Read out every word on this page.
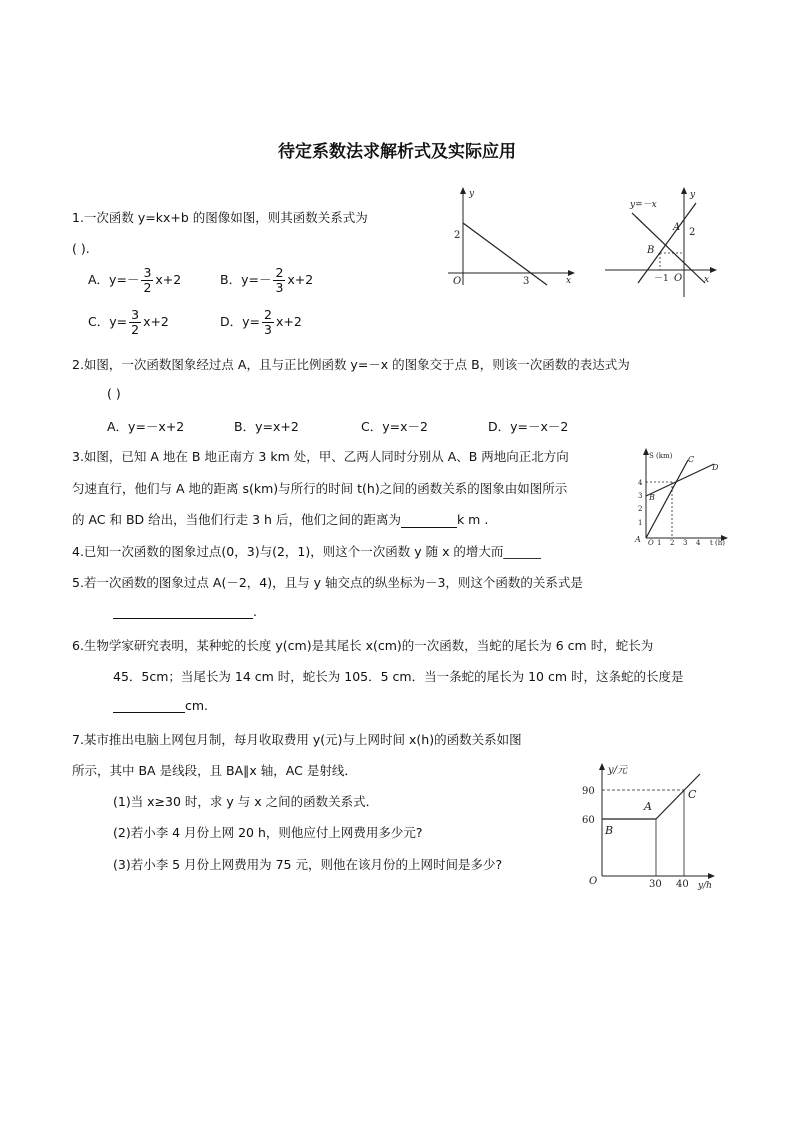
待定系数法求解析式及实际应用
1.一次函数 y=kx+b 的图像如图，则其函数关系式为
( ).
A．$y=- \frac{3}{2} x+2$	B．$y=- \frac{2}{3} x+2$
C．$y= \frac{3}{2} x+2$	D．$y= \frac{2}{3} x+2$
y
x
O
2
3
y=－x
y
x
A
B
O
－1
2
2.如图，一次函数图象经过点 A，且与正比例函数 y=－x 的图象交于点 B，则该一次函数的表达式为
( )
A．y=－x+2	B．y=x+2	C．y=x－2	D．y=－x－2
3.如图，已知 A 地在 B 地正南方 3 km 处，甲、乙两人同时分别从 A、B 两地向正北方向
匀速直行，他们与 A 地的距离 s(km)与所行的时间 t(h)之间的函数关系的图象由如图所示
的 AC 和 BD 给出，当他们行走 3 h 后，他们之间的距离为	k m .
S (km)
t (h)
A
B
C
D
O
1
2
3
4
1 2 3 4
4.已知一次函数的图象过点(0，3)与(2，1)，则这个一次函数 y 随 x 的增大而______
5.若一次函数的图象过点 A(－2，4)，且与 y 轴交点的纵坐标为－3，则这个函数的关系式是
.
6.生物学家研究表明，某种蛇的长度 y(cm)是其尾长 x(cm)的一次函数，当蛇的尾长为 6 cm 时，蛇长为
45．5cm；当尾长为 14 cm 时，蛇长为 105．5 cm．当一条蛇的尾长为 10 cm 时，这条蛇的长度是
cm.
7.某市推出电脑上网包月制，每月收取费用 y(元)与上网时间 x(h)的函数关系如图
所示，其中 BA 是线段，且 BA∥x 轴，AC 是射线．
(1)当 x≥30 时，求 y 与 x 之间的函数关系式．
(2)若小李 4 月份上网 20 h，则他应付上网费用多少元?
(3)若小李 5 月份上网费用为 75 元，则他在该月份的上网时间是多少?
y/元
y/h
O
90
60
30 40
A
B
C
